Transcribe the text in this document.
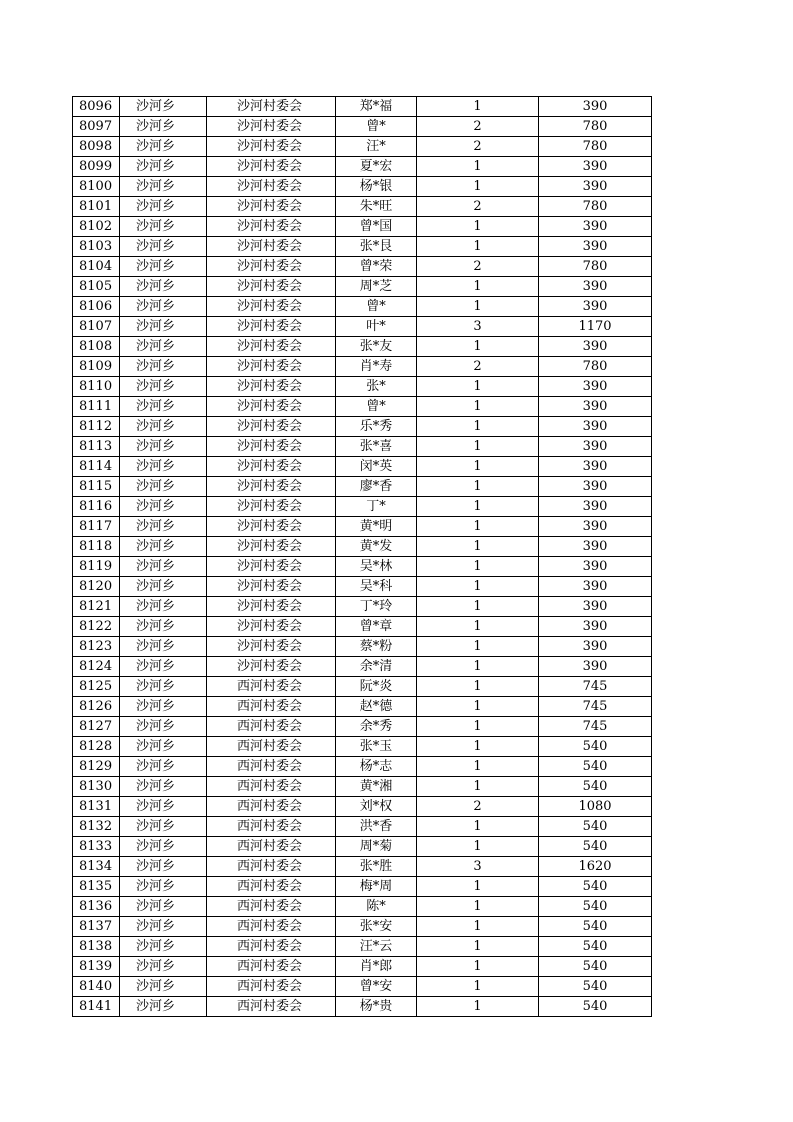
8096	沙河乡	沙河村委会	郑*福	1	390
8097	沙河乡	沙河村委会	曾*	2	780
8098	沙河乡	沙河村委会	汪*	2	780
8099	沙河乡	沙河村委会	夏*宏	1	390
8100	沙河乡	沙河村委会	杨*银	1	390
8101	沙河乡	沙河村委会	朱*旺	2	780
8102	沙河乡	沙河村委会	曾*国	1	390
8103	沙河乡	沙河村委会	张*艮	1	390
8104	沙河乡	沙河村委会	曾*荣	2	780
8105	沙河乡	沙河村委会	周*芝	1	390
8106	沙河乡	沙河村委会	曾*	1	390
8107	沙河乡	沙河村委会	叶*	3	1170
8108	沙河乡	沙河村委会	张*友	1	390
8109	沙河乡	沙河村委会	肖*寿	2	780
8110	沙河乡	沙河村委会	张*	1	390
8111	沙河乡	沙河村委会	曾*	1	390
8112	沙河乡	沙河村委会	乐*秀	1	390
8113	沙河乡	沙河村委会	张*喜	1	390
8114	沙河乡	沙河村委会	闵*英	1	390
8115	沙河乡	沙河村委会	廖*香	1	390
8116	沙河乡	沙河村委会	丁*	1	390
8117	沙河乡	沙河村委会	黄*明	1	390
8118	沙河乡	沙河村委会	黄*发	1	390
8119	沙河乡	沙河村委会	吴*林	1	390
8120	沙河乡	沙河村委会	吴*科	1	390
8121	沙河乡	沙河村委会	丁*玲	1	390
8122	沙河乡	沙河村委会	曾*章	1	390
8123	沙河乡	沙河村委会	蔡*粉	1	390
8124	沙河乡	沙河村委会	余*清	1	390
8125	沙河乡	西河村委会	阮*炎	1	745
8126	沙河乡	西河村委会	赵*德	1	745
8127	沙河乡	西河村委会	余*秀	1	745
8128	沙河乡	西河村委会	张*玉	1	540
8129	沙河乡	西河村委会	杨*志	1	540
8130	沙河乡	西河村委会	黄*湘	1	540
8131	沙河乡	西河村委会	刘*权	2	1080
8132	沙河乡	西河村委会	洪*香	1	540
8133	沙河乡	西河村委会	周*菊	1	540
8134	沙河乡	西河村委会	张*胜	3	1620
8135	沙河乡	西河村委会	梅*周	1	540
8136	沙河乡	西河村委会	陈*	1	540
8137	沙河乡	西河村委会	张*安	1	540
8138	沙河乡	西河村委会	汪*云	1	540
8139	沙河乡	西河村委会	肖*郎	1	540
8140	沙河乡	西河村委会	曾*安	1	540
8141	沙河乡	西河村委会	杨*贵	1	540
